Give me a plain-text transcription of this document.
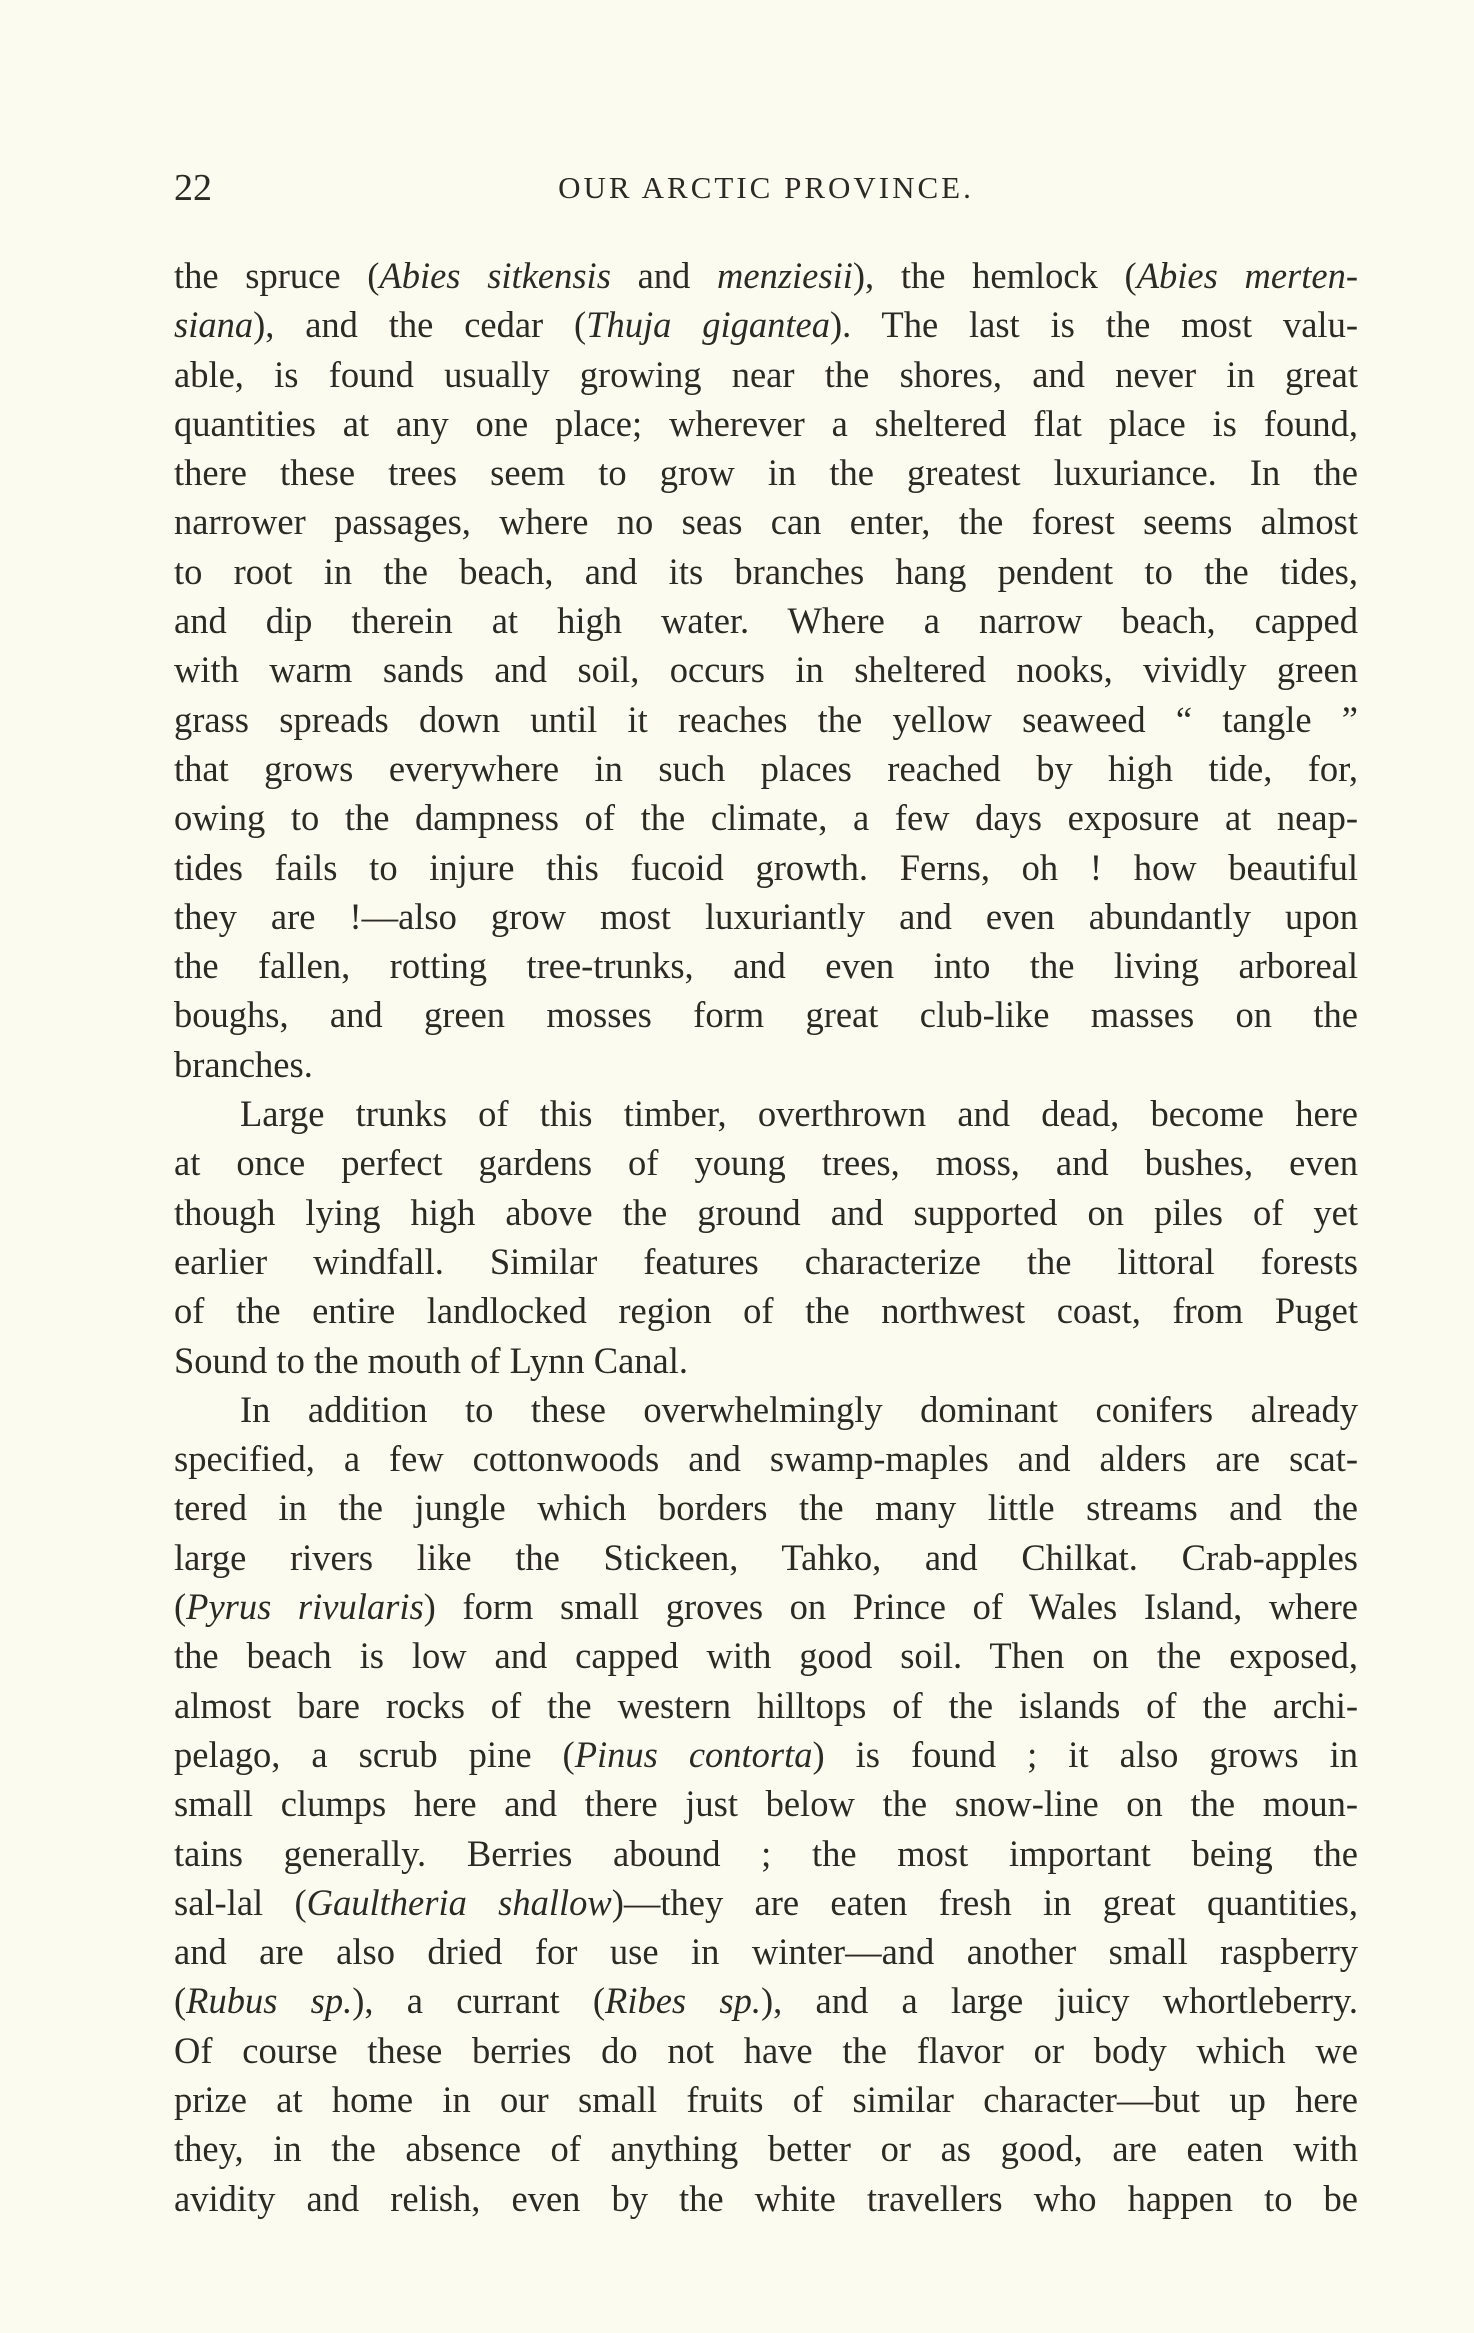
22	OUR ARCTIC PROVINCE.
the spruce (Abies sitkensis and menziesii), the hemlock (Abies merten-
siana), and the cedar (Thuja gigantea). The last is the most valu-
able, is found usually growing near the shores, and never in great
quantities at any one place; wherever a sheltered flat place is found,
there these trees seem to grow in the greatest luxuriance. In the
narrower passages, where no seas can enter, the forest seems almost
to root in the beach, and its branches hang pendent to the tides,
and dip therein at high water. Where a narrow beach, capped
with warm sands and soil, occurs in sheltered nooks, vividly green
grass spreads down until it reaches the yellow seaweed “ tangle ”
that grows everywhere in such places reached by high tide, for,
owing to the dampness of the climate, a few days exposure at neap-
tides fails to injure this fucoid growth. Ferns, oh ! how beautiful
they are !—also grow most luxuriantly and even abundantly upon
the fallen, rotting tree-trunks, and even into the living arboreal
boughs, and green mosses form great club-like masses on the
branches.
Large trunks of this timber, overthrown and dead, become here
at once perfect gardens of young trees, moss, and bushes, even
though lying high above the ground and supported on piles of yet
earlier windfall. Similar features characterize the littoral forests
of the entire landlocked region of the northwest coast, from Puget
Sound to the mouth of Lynn Canal.
In addition to these overwhelmingly dominant conifers already
specified, a few cottonwoods and swamp-maples and alders are scat-
tered in the jungle which borders the many little streams and the
large rivers like the Stickeen, Tahko, and Chilkat. Crab-apples
(Pyrus rivularis) form small groves on Prince of Wales Island, where
the beach is low and capped with good soil. Then on the exposed,
almost bare rocks of the western hilltops of the islands of the archi-
pelago, a scrub pine (Pinus contorta) is found ; it also grows in
small clumps here and there just below the snow-line on the moun-
tains generally. Berries abound ; the most important being the
sal-lal (Gaultheria shallow)—they are eaten fresh in great quantities,
and are also dried for use in winter—and another small raspberry
(Rubus sp.), a currant (Ribes sp.), and a large juicy whortleberry.
Of course these berries do not have the flavor or body which we
prize at home in our small fruits of similar character—but up here
they, in the absence of anything better or as good, are eaten with
avidity and relish, even by the white travellers who happen to be
